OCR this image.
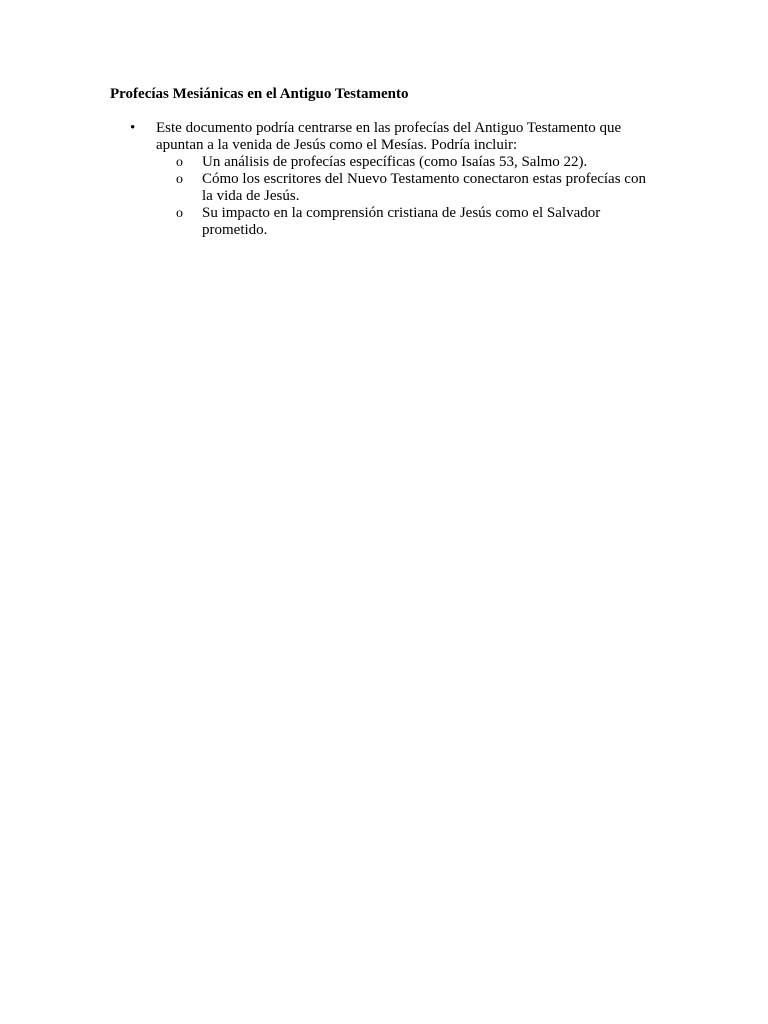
Profecías Mesiánicas en el Antiguo Testamento
• Este documento podría centrarse en las profecías del Antiguo Testamento que apuntan a la venida de Jesús como el Mesías. Podría incluir:
o Un análisis de profecías específicas (como Isaías 53, Salmo 22).
o Cómo los escritores del Nuevo Testamento conectaron estas profecías con la vida de Jesús.
o Su impacto en la comprensión cristiana de Jesús como el Salvador prometido.
